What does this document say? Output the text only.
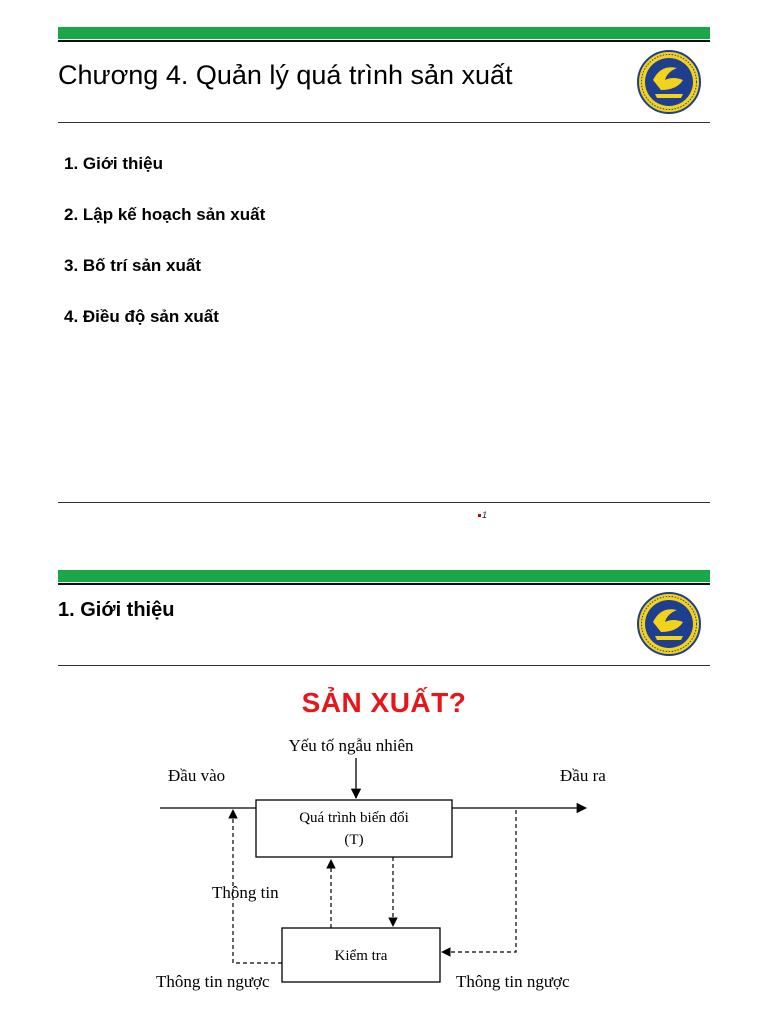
Chương 4. Quản lý quá trình sản xuất
1. Giới thiệu
2. Lập kế hoạch sản xuất
3. Bố trí sản xuất
4. Điều độ sản xuất
1
1. Giới thiệu
SẢN XUẤT?
Yếu tố ngẫu nhiên
Đầu vào	Đầu ra
Quá trình biến đổi
(T)
Thông tin
Kiểm tra
Thông tin ngược	Thông tin ngược
